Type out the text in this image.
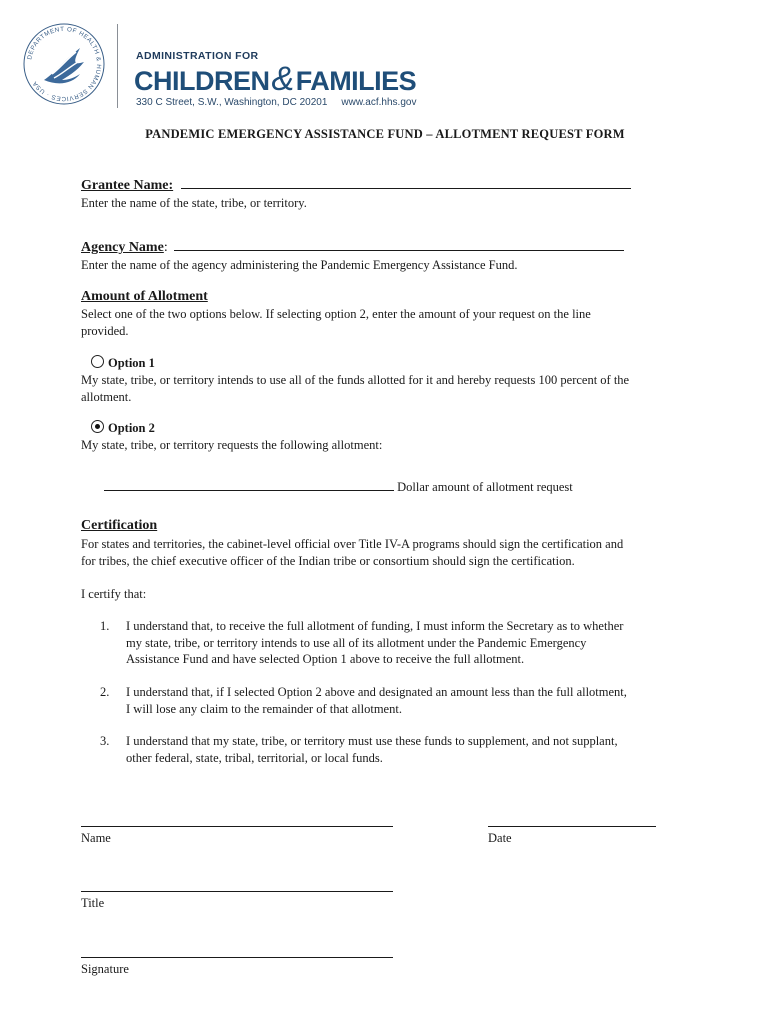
DEPARTMENT OF HEALTH & HUMAN SERVICES · USA
ADMINISTRATION FOR
CHILDREN&FAMILIES
330 C Street, S.W., Washington, DC 20201 www.acf.hhs.gov
PANDEMIC EMERGENCY ASSISTANCE FUND – ALLOTMENT REQUEST FORM
Grantee Name:
Enter the name of the state, tribe, or territory.
Agency Name:
Enter the name of the agency administering the Pandemic Emergency Assistance Fund.
Amount of Allotment
Select one of the two options below. If selecting option 2, enter the amount of your request on the line
provided.
Option 1
My state, tribe, or territory intends to use all of the funds allotted for it and hereby requests 100 percent of the
allotment.
Option 2
My state, tribe, or territory requests the following allotment:
Dollar amount of allotment request
Certification
For states and territories, the cabinet-level official over Title IV-A programs should sign the certification and
for tribes, the chief executive officer of the Indian tribe or consortium should sign the certification.
I certify that:
1. I understand that, to receive the full allotment of funding, I must inform the Secretary as to whether
my state, tribe, or territory intends to use all of its allotment under the Pandemic Emergency
Assistance Fund and have selected Option 1 above to receive the full allotment.
2. I understand that, if I selected Option 2 above and designated an amount less than the full allotment,
I will lose any claim to the remainder of that allotment.
3. I understand that my state, tribe, or territory must use these funds to supplement, and not supplant,
other federal, state, tribal, territorial, or local funds.
Name	Date
Title
Signature
